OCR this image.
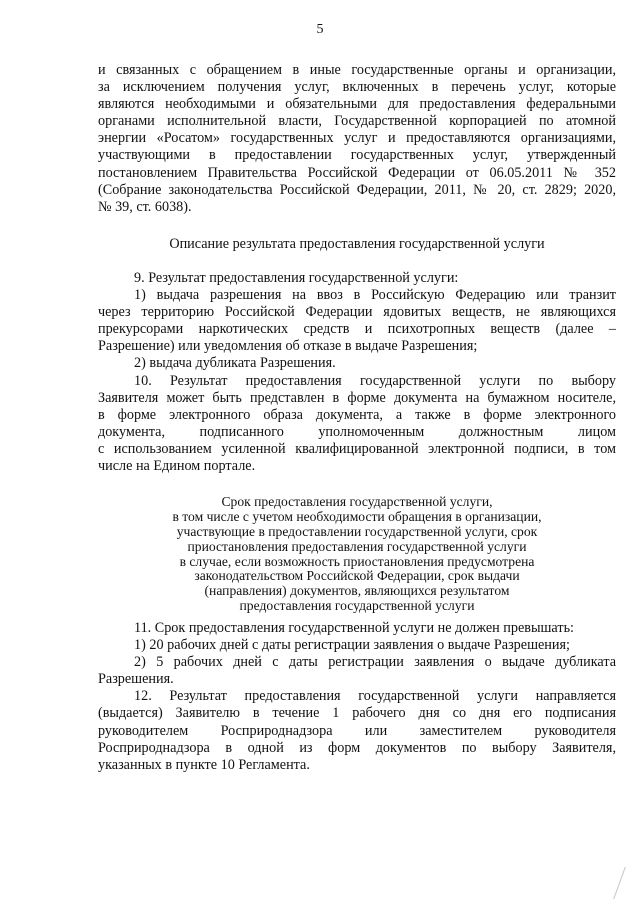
5
и связанных с обращением в иные государственные органы и организации,
за исключением получения услуг, включенных в перечень услуг, которые
являются необходимыми и обязательными для предоставления федеральными
органами исполнительной власти, Государственной корпорацией по атомной
энергии «Росатом» государственных услуг и предоставляются организациями,
участвующими в предоставлении государственных услуг, утвержденный
постановлением Правительства Российской Федерации от 06.05.2011 № 352
(Собрание законодательства Российской Федерации, 2011, № 20, ст. 2829; 2020,
№ 39, ст. 6038).
Описание результата предоставления государственной услуги
9. Результат предоставления государственной услуги:
1) выдача разрешения на ввоз в Российскую Федерацию или транзит
через территорию Российской Федерации ядовитых веществ, не являющихся
прекурсорами наркотических средств и психотропных веществ (далее –
Разрешение) или уведомления об отказе в выдаче Разрешения;
2) выдача дубликата Разрешения.
10. Результат предоставления государственной услуги по выбору
Заявителя может быть представлен в форме документа на бумажном носителе,
в форме электронного образа документа, а также в форме электронного
документа, подписанного уполномоченным должностным лицом
с использованием усиленной квалифицированной электронной подписи, в том
числе на Едином портале.
Срок предоставления государственной услуги,
в том числе с учетом необходимости обращения в организации,
участвующие в предоставлении государственной услуги, срок
приостановления предоставления государственной услуги
в случае, если возможность приостановления предусмотрена
законодательством Российской Федерации, срок выдачи
(направления) документов, являющихся результатом
предоставления государственной услуги
11. Срок предоставления государственной услуги не должен превышать:
1) 20 рабочих дней с даты регистрации заявления о выдаче Разрешения;
2) 5 рабочих дней с даты регистрации заявления о выдаче дубликата
Разрешения.
12. Результат предоставления государственной услуги направляется
(выдается) Заявителю в течение 1 рабочего дня со дня его подписания
руководителем Росприроднадзора или заместителем руководителя
Росприроднадзора в одной из форм документов по выбору Заявителя,
указанных в пункте 10 Регламента.
